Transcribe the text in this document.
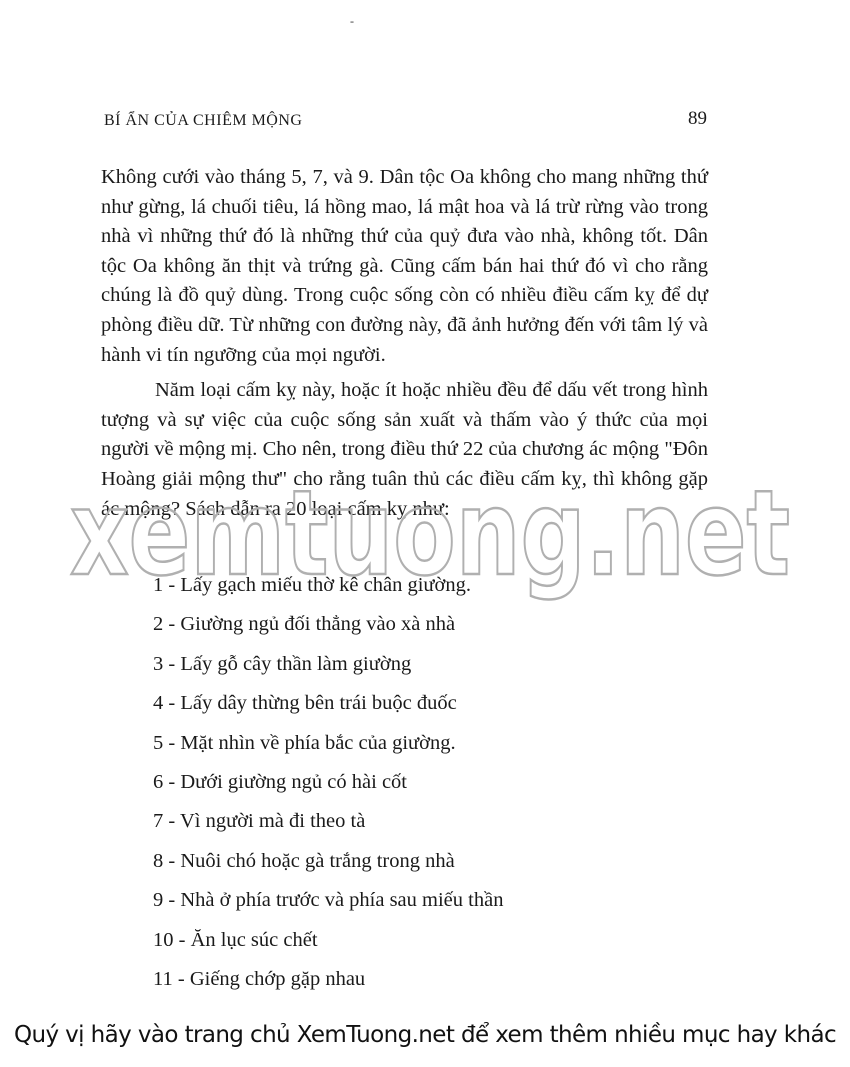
-
BÍ ẨN CỦA CHIÊM MỘNG	89

Không cưới vào tháng 5, 7, và 9. Dân tộc Oa không cho mang những thứ như gừng, lá chuối tiêu, lá hồng mao, lá mật hoa và lá trừ rừng vào trong nhà vì những thứ đó là những thứ của quỷ đưa vào nhà, không tốt. Dân tộc Oa không ăn thịt và trứng gà. Cũng cấm bán hai thứ đó vì cho rằng chúng là đồ quỷ dùng. Trong cuộc sống còn có nhiều điều cấm kỵ để dự phòng điều dữ. Từ những con đường này, đã ảnh hưởng đến với tâm lý và hành vi tín ngưỡng của mọi người.

Năm loại cấm kỵ này, hoặc ít hoặc nhiều đều để dấu vết trong hình tượng và sự việc của cuộc sống sản xuất và thấm vào ý thức của mọi người về mộng mị. Cho nên, trong điều thứ 22 của chương ác mộng "Đôn Hoàng giải mộng thư" cho rằng tuân thủ các điều cấm kỵ, thì không gặp ác mộng? Sách dẫn ra 20 loại cấm kỵ như:

1 - Lấy gạch miếu thờ kê chân giường.
2 - Giường ngủ đối thẳng vào xà nhà
3 - Lấy gỗ cây thần làm giường
4 - Lấy dây thừng bên trái buộc đuốc
5 - Mặt nhìn về phía bắc của giường.
6 - Dưới giường ngủ có hài cốt
7 - Vì người mà đi theo tà
8 - Nuôi chó hoặc gà trắng trong nhà
9 - Nhà ở phía trước và phía sau miếu thần
10 - Ăn lục súc chết
11 - Giếng chớp gặp nhau
xemtuong.net
Quý vị hãy vào trang chủ XemTuong.net để xem thêm nhiều mục hay khác
